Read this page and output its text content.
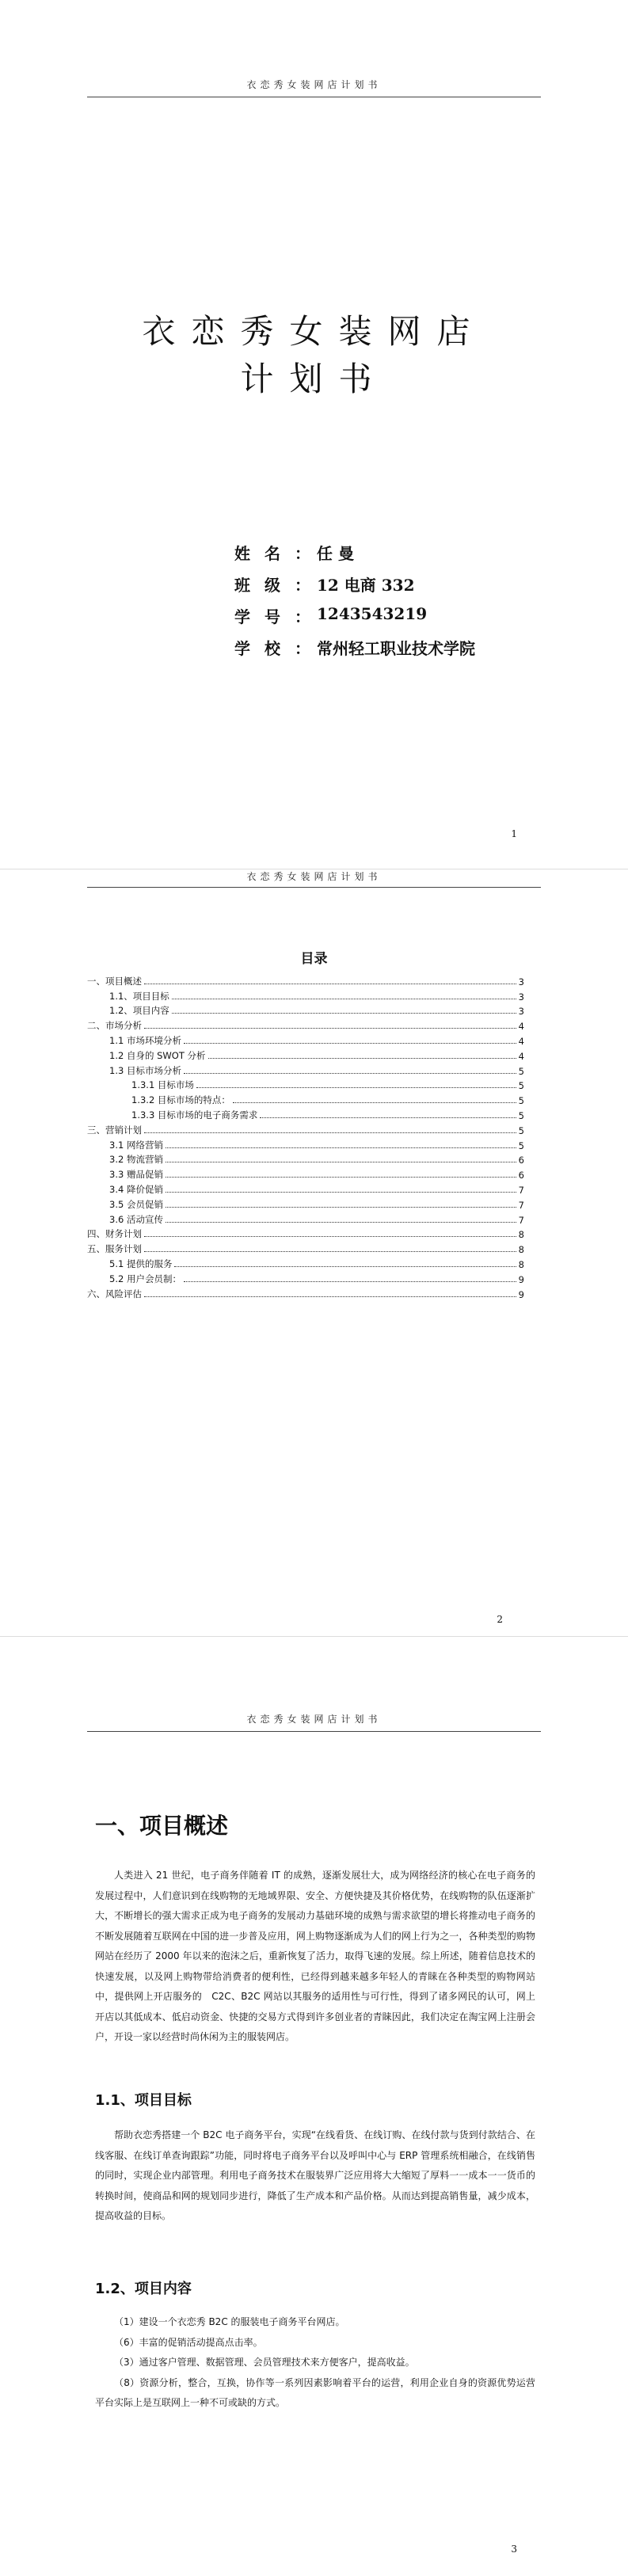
衣恋秀女装网店计划书
衣恋秀女装网店
计划书
姓名：
任 曼
班级：
12 电商 332
学号：
1243543219
学校：
常州轻工职业技术学院
1
衣恋秀女装网店计划书
目录
一、项目概述	3
1.1、项目目标	3
1.2、项目内容	3
二、市场分析	4
1.1 市场环境分析	4
1.2 自身的 SWOT 分析	4
1.3 目标市场分析	5
1.3.1 目标市场	5
1.3.2 目标市场的特点：	5
1.3.3 目标市场的电子商务需求	5
三、营销计划	5
3.1 网络营销	5
3.2 物流营销	6
3.3 赠品促销	6
3.4 降价促销	7
3.5 会员促销	7
3.6 活动宣传	7
四、财务计划	8
五、服务计划	8
5.1 提供的服务	8
5.2 用户会员制：	9
六、风险评估	9
2
衣恋秀女装网店计划书
一、项目概述
人类进入 21 世纪，电子商务伴随着 IT 的成熟，逐渐发展壮大，成为网络经济的核心在电子商务的发展过程中，人们意识到在线购物的无地域界限、安全、方便快捷及其价格优势，在线购物的队伍逐渐扩大，不断增长的强大需求正成为电子商务的发展动力基础环境的成熟与需求欲望的增长将推动电子商务的不断发展随着互联网在中国的进一步普及应用，网上购物逐渐成为人们的网上行为之一，各种类型的购物网站在经历了 2000 年以来的泡沫之后，重新恢复了活力，取得飞速的发展。综上所述，随着信息技术的快速发展，以及网上购物带给消费者的便利性，已经得到越来越多年轻人的青睐在各种类型的购物网站中，提供网上开店服务的　C2C、B2C 网站以其服务的适用性与可行性，得到了诸多网民的认可，网上开店以其低成本、低启动资金、快捷的交易方式得到许多创业者的青睐因此，我们决定在淘宝网上注册会户，开设一家以经营时尚休闲为主的服装网店。
1.1、项目目标
帮助衣恋秀搭建一个 B2C 电子商务平台，实现“在线看货、在线订购、在线付款与货到付款结合、在线客服、在线订单查询跟踪”功能，同时将电子商务平台以及呼叫中心与 ERP 管理系统相融合，在线销售的同时，实现企业内部管理。利用电子商务技术在服装界广泛应用将大大缩短了厚料一一成本一一货币的转换时间，使商品和网的规划同步进行，降低了生产成本和产品价格。从而达到提高销售量，减少成本，提高收益的目标。
1.2、项目内容
（1）建设一个衣恋秀 B2C 的服装电子商务平台网店。
（6）丰富的促销活动提高点击率。
（3）通过客户管理、数据管理、会员管理技术来方便客户，提高收益。
（8）资源分析，整合，互换，协作等一系列因素影响着平台的运营，利用企业自身的资源优势运营平台实际上是互联网上一种不可或缺的方式。
3
